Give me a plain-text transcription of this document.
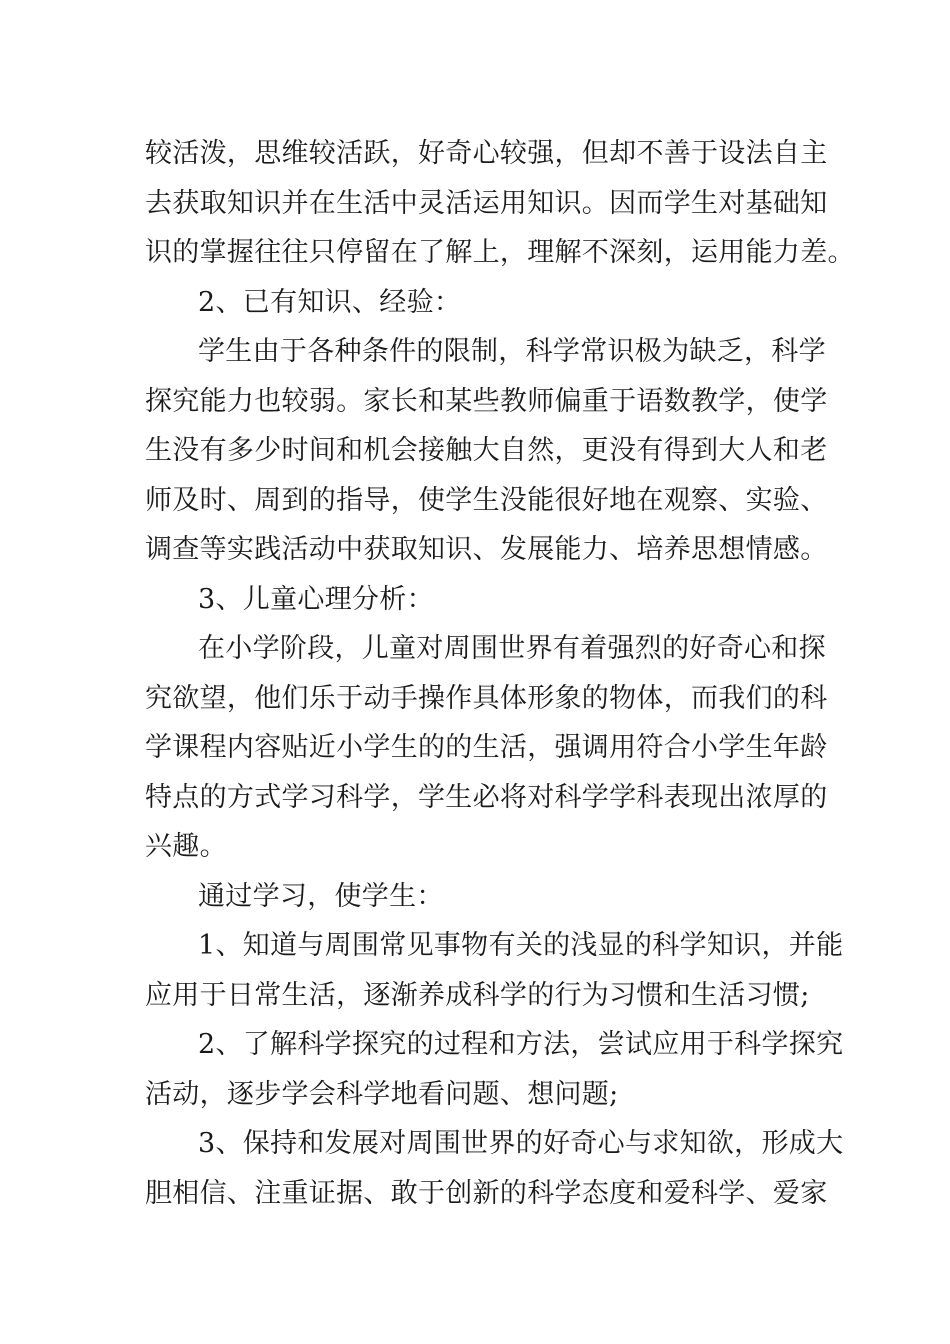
较活泼，思维较活跃，好奇心较强，但却不善于设法自主
去获取知识并在生活中灵活运用知识。因而学生对基础知
识的掌握往往只停留在了解上，理解不深刻，运用能力差。
2、已有知识、经验：
学生由于各种条件的限制，科学常识极为缺乏，科学
探究能力也较弱。家长和某些教师偏重于语数教学，使学
生没有多少时间和机会接触大自然，更没有得到大人和老
师及时、周到的指导，使学生没能很好地在观察、实验、
调查等实践活动中获取知识、发展能力、培养思想情感。
3、儿童心理分析：
在小学阶段，儿童对周围世界有着强烈的好奇心和探
究欲望，他们乐于动手操作具体形象的物体，而我们的科
学课程内容贴近小学生的的生活，强调用符合小学生年龄
特点的方式学习科学，学生必将对科学学科表现出浓厚的
兴趣。
通过学习，使学生：
1、知道与周围常见事物有关的浅显的科学知识，并能
应用于日常生活，逐渐养成科学的行为习惯和生活习惯;
2、了解科学探究的过程和方法，尝试应用于科学探究
活动，逐步学会科学地看问题、想问题;
3、保持和发展对周围世界的好奇心与求知欲，形成大
胆相信、注重证据、敢于创新的科学态度和爱科学、爱家
